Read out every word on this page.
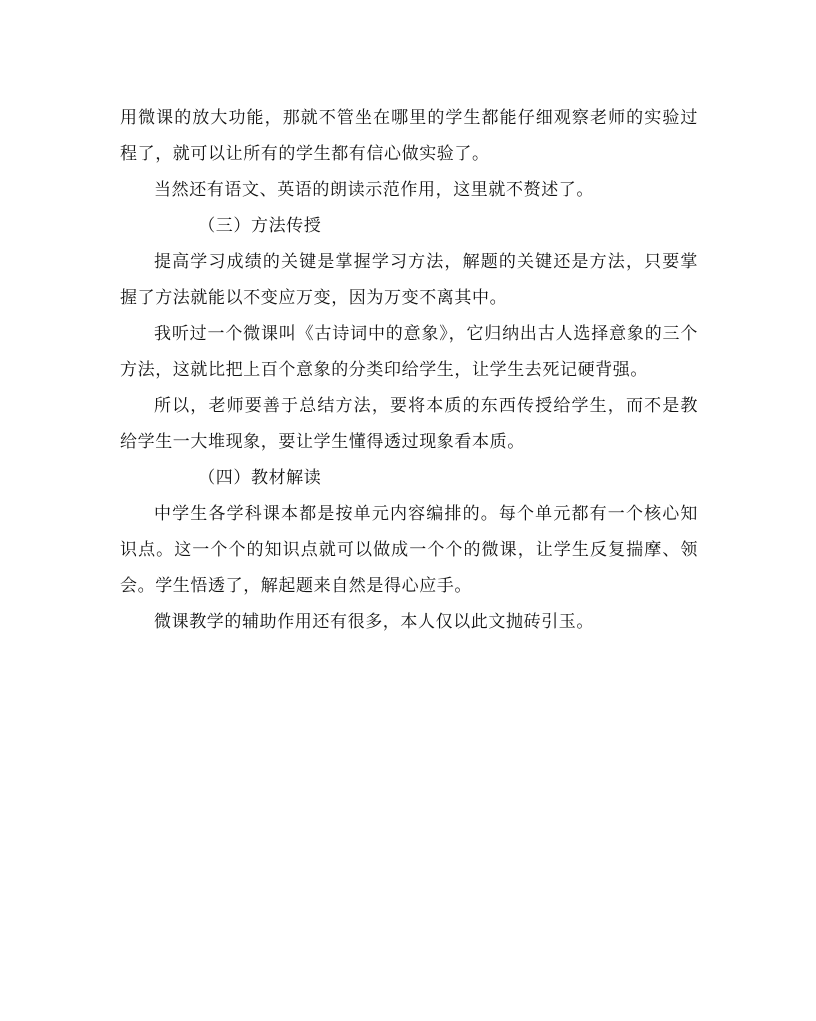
用微课的放大功能，那就不管坐在哪里的学生都能仔细观察老师的实验过程了，就可以让所有的学生都有信心做实验了。

当然还有语文、英语的朗读示范作用，这里就不赘述了。

（三）方法传授

提高学习成绩的关键是掌握学习方法，解题的关键还是方法，只要掌握了方法就能以不变应万变，因为万变不离其中。

我听过一个微课叫《古诗词中的意象》，它归纳出古人选择意象的三个方法，这就比把上百个意象的分类印给学生，让学生去死记硬背强。

所以，老师要善于总结方法，要将本质的东西传授给学生，而不是教给学生一大堆现象，要让学生懂得透过现象看本质。

（四）教材解读

中学生各学科课本都是按单元内容编排的。每个单元都有一个核心知识点。这一个个的知识点就可以做成一个个的微课，让学生反复揣摩、领会。学生悟透了，解起题来自然是得心应手。

微课教学的辅助作用还有很多，本人仅以此文抛砖引玉。
